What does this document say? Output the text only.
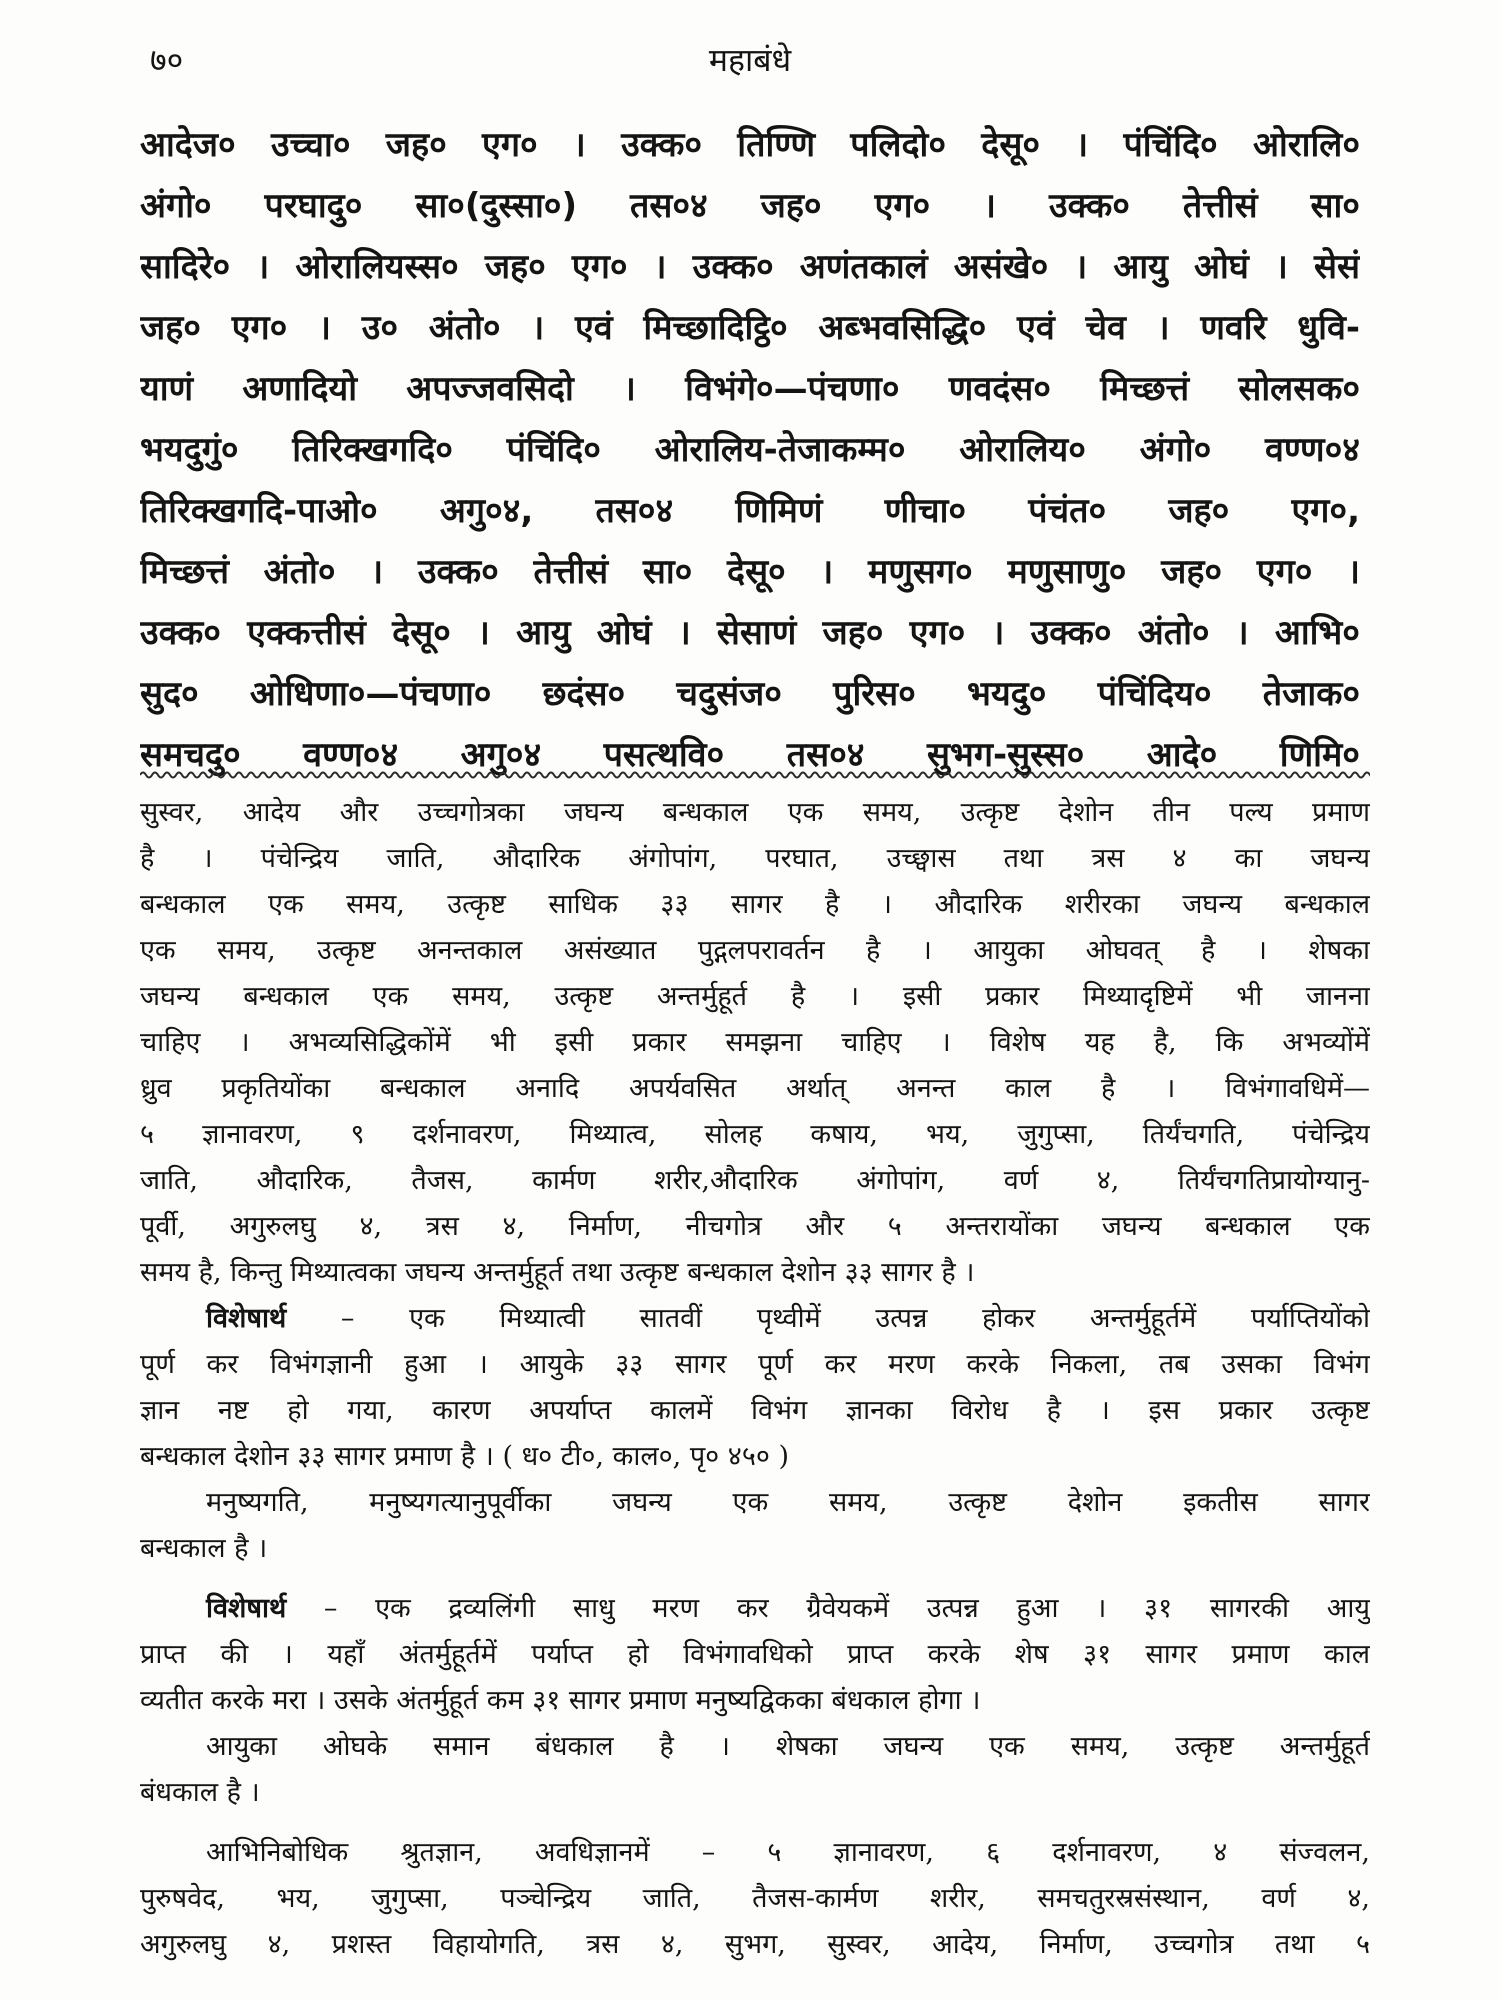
७०	महाबंधे
आदेज० उच्चा० जह० एग० । उक्क० तिण्णि पलिदो० देसू० । पंचिंदि० ओरालि०
अंगो० परघादु० सा०(दुस्सा०) तस०४ जह० एग० । उक्क० तेत्तीसं सा०
सादिरे० । ओरालियस्स० जह० एग० । उक्क० अणंतकालं असंखे० । आयु ओघं । सेसं
जह० एग० । उ० अंतो० । एवं मिच्छादिट्ठि० अब्भवसिद्धि० एवं चेव । णवरि धुवि-
याणं अणादियो अपज्जवसिदो । विभंगे०—पंचणा० णवदंस० मिच्छत्तं सोलसक०
भयदुगुं० तिरिक्खगदि० पंचिंदि० ओरालिय-तेजाकम्म० ओरालिय० अंगो० वण्ण०४
तिरिक्खगदि-पाओ० अगु०४, तस०४ णिमिणं णीचा० पंचंत० जह० एग०,
मिच्छत्तं अंतो० । उक्क० तेत्तीसं सा० देसू० । मणुसग० मणुसाणु० जह० एग० ।
उक्क० एक्कत्तीसं देसू० । आयु ओघं । सेसाणं जह० एग० । उक्क० अंतो० । आभि०
सुद० ओधिणा०—पंचणा० छदंस० चदुसंज० पुरिस० भयदु० पंचिंदिय० तेजाक०
समचदु० वण्ण०४ अगु०४ पसत्थवि० तस०४ सुभग-सुस्स० आदे० णिमि०
सुस्वर, आदेय और उच्चगोत्रका जघन्य बन्धकाल एक समय, उत्कृष्ट देशोन तीन पल्य प्रमाण
है । पंचेन्द्रिय जाति, औदारिक अंगोपांग, परघात, उच्छ्वास तथा त्रस ४ का जघन्य
बन्धकाल एक समय, उत्कृष्ट साधिक ३३ सागर है । औदारिक शरीरका जघन्य बन्धकाल
एक समय, उत्कृष्ट अनन्तकाल असंख्यात पुद्गलपरावर्तन है । आयुका ओघवत् है । शेषका
जघन्य बन्धकाल एक समय, उत्कृष्ट अन्तर्मुहूर्त है । इसी प्रकार मिथ्यादृष्टिमें भी जानना
चाहिए । अभव्यसिद्धिकोंमें भी इसी प्रकार समझना चाहिए । विशेष यह है, कि अभव्योंमें
ध्रुव प्रकृतियोंका बन्धकाल अनादि अपर्यवसित अर्थात् अनन्त काल है । विभंगावधिमें—
५ ज्ञानावरण, ९ दर्शनावरण, मिथ्यात्व, सोलह कषाय, भय, जुगुप्सा, तिर्यंचगति, पंचेन्द्रिय
जाति, औदारिक, तैजस, कार्मण शरीर,औदारिक अंगोपांग, वर्ण ४, तिर्यंचगतिप्रायोग्यानु-
पूर्वी, अगुरुलघु ४, त्रस ४, निर्माण, नीचगोत्र और ५ अन्तरायोंका जघन्य बन्धकाल एक
समय है, किन्तु मिथ्यात्वका जघन्य अन्तर्मुहूर्त तथा उत्कृष्ट बन्धकाल देशोन ३३ सागर है ।
विशेषार्थ – एक मिथ्यात्वी सातवीं पृथ्वीमें उत्पन्न होकर अन्तर्मुहूर्तमें पर्याप्तियोंको
पूर्ण कर विभंगज्ञानी हुआ । आयुके ३३ सागर पूर्ण कर मरण करके निकला, तब उसका विभंग
ज्ञान नष्ट हो गया, कारण अपर्याप्त कालमें विभंग ज्ञानका विरोध है । इस प्रकार उत्कृष्ट
बन्धकाल देशोन ३३ सागर प्रमाण है । ( ध० टी०, काल०, पृ० ४५० )
मनुष्यगति, मनुष्यगत्यानुपूर्वीका जघन्य एक समय, उत्कृष्ट देशोन इकतीस सागर
बन्धकाल है ।
विशेषार्थ – एक द्रव्यलिंगी साधु मरण कर ग्रैवेयकमें उत्पन्न हुआ । ३१ सागरकी आयु
प्राप्त की । यहाँ अंतर्मुहूर्तमें पर्याप्त हो विभंगावधिको प्राप्त करके शेष ३१ सागर प्रमाण काल
व्यतीत करके मरा । उसके अंतर्मुहूर्त कम ३१ सागर प्रमाण मनुष्यद्विकका बंधकाल होगा ।
आयुका ओघके समान बंधकाल है । शेषका जघन्य एक समय, उत्कृष्ट अन्तर्मुहूर्त
बंधकाल है ।
आभिनिबोधिक श्रुतज्ञान, अवधिज्ञानमें – ५ ज्ञानावरण, ६ दर्शनावरण, ४ संज्वलन,
पुरुषवेद, भय, जुगुप्सा, पञ्चेन्द्रिय जाति, तैजस-कार्मण शरीर, समचतुरस्रसंस्थान, वर्ण ४,
अगुरुलघु ४, प्रशस्त विहायोगति, त्रस ४, सुभग, सुस्वर, आदेय, निर्माण, उच्चगोत्र तथा ५
